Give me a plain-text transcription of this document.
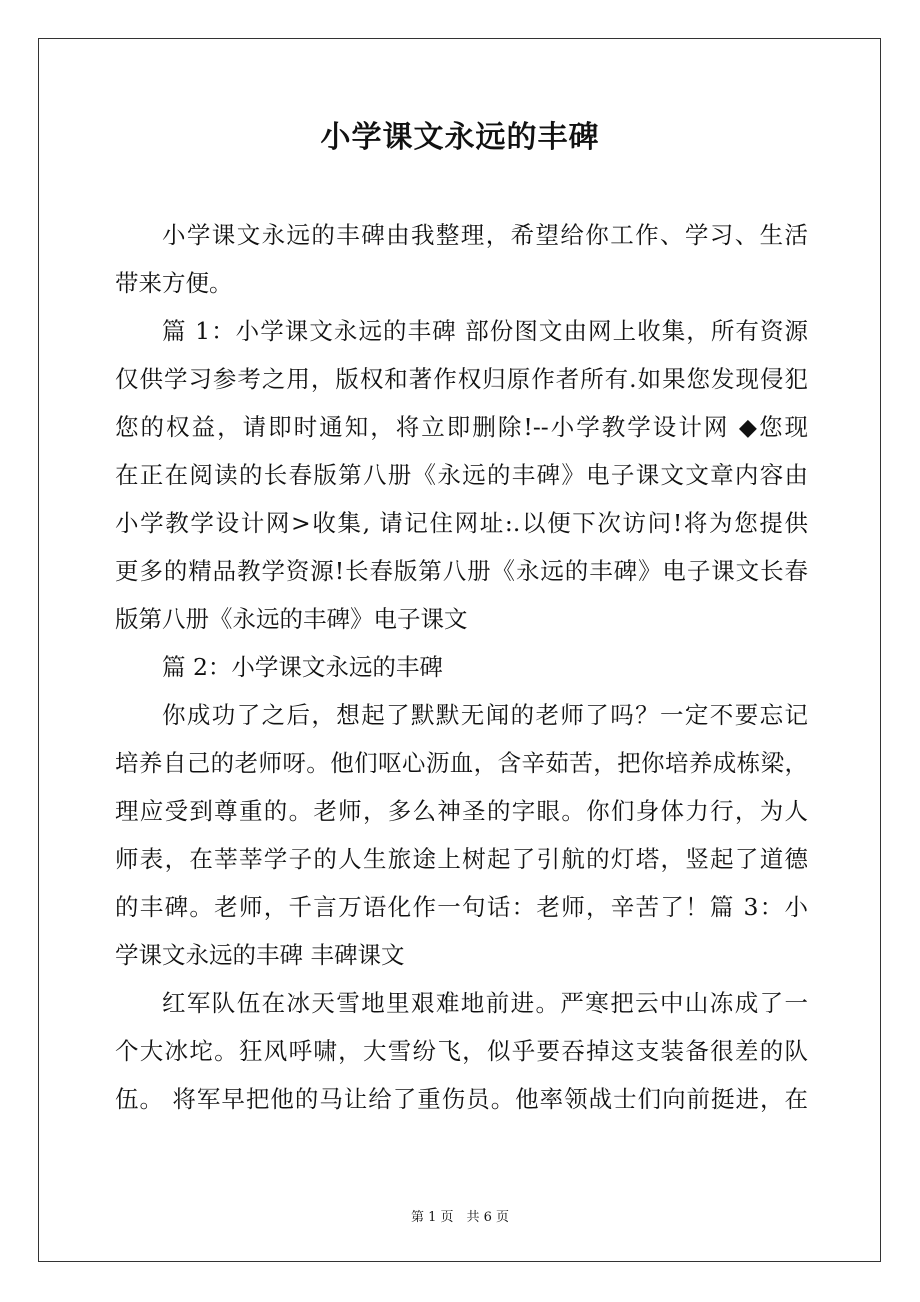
小学课文永远的丰碑
小学课文永远的丰碑由我整理，希望给你工作、学习、生活
带来方便。
篇 1：小学课文永远的丰碑 部份图文由网上收集，所有资源
仅供学习参考之用，版权和著作权归原作者所有.如果您发现侵犯
您的权益，请即时通知，将立即删除!--小学教学设计网 ◆您现
在正在阅读的长春版第八册《永远的丰碑》电子课文文章内容由
小学教学设计网>收集, 请记住网址:.以便下次访问!将为您提供
更多的精品教学资源!长春版第八册《永远的丰碑》电子课文长春
版第八册《永远的丰碑》电子课文
篇 2：小学课文永远的丰碑
你成功了之后，想起了默默无闻的老师了吗？一定不要忘记
培养自己的老师呀。他们呕心沥血，含辛茹苦，把你培养成栋梁，
理应受到尊重的。老师，多么神圣的字眼。你们身体力行，为人
师表，在莘莘学子的人生旅途上树起了引航的灯塔，竖起了道德
的丰碑。老师，千言万语化作一句话：老师，辛苦了！篇 3：小
学课文永远的丰碑 丰碑课文
红军队伍在冰天雪地里艰难地前进。严寒把云中山冻成了一
个大冰坨。狂风呼啸，大雪纷飞，似乎要吞掉这支装备很差的队
伍。 将军早把他的马让给了重伤员。他率领战士们向前挺进，在
第 1 页　共 6 页
